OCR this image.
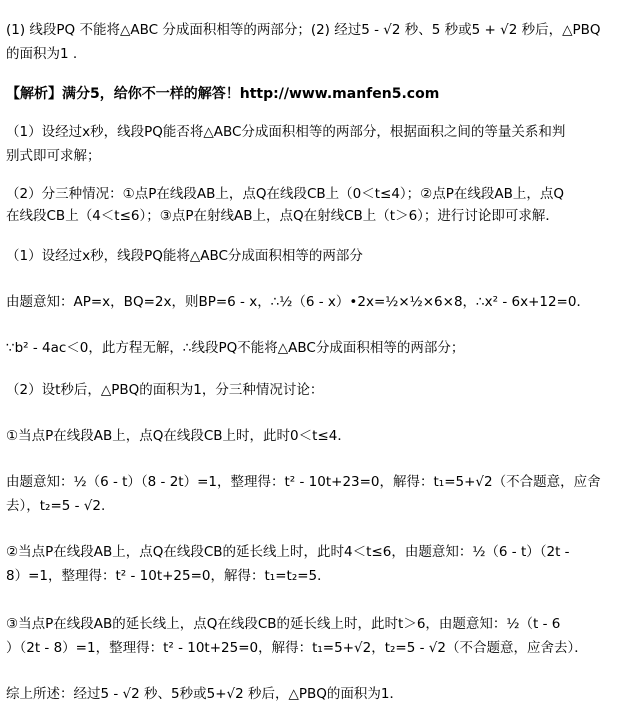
(1) 线段PQ 不能将△ABC 分成面积相等的两部分；(2) 经过5 - √2 秒、5 秒或5 + √2 秒后，△PBQ
的面积为1 .
【解析】满分5，给你不一样的解答！http://www.manfen5.com
（1）设经过x秒，线段PQ能否将△ABC分成面积相等的两部分，根据面积之间的等量关系和判
别式即可求解；
（2）分三种情况：①点P在线段AB上，点Q在线段CB上（0＜t≤4）；②点P在线段AB上，点Q
在线段CB上（4＜t≤6）；③点P在射线AB上，点Q在射线CB上（t＞6）；进行讨论即可求解．
（1）设经过x秒，线段PQ能将△ABC分成面积相等的两部分
由题意知：AP=x，BQ=2x，则BP=6 - x，∴½（6 - x）•2x=½×½×6×8，∴x² - 6x+12=0．
∵b² - 4ac＜0，此方程无解，∴线段PQ不能将△ABC分成面积相等的两部分；
（2）设t秒后，△PBQ的面积为1，分三种情况讨论：
①当点P在线段AB上，点Q在线段CB上时，此时0＜t≤4．
由题意知：½（6 - t）（8 - 2t）=1，整理得：t² - 10t+23=0，解得：t₁=5+√2（不合题意，应舍
去），t₂=5 - √2.
②当点P在线段AB上，点Q在线段CB的延长线上时，此时4＜t≤6，由题意知：½（6 - t）（2t -
8）=1，整理得：t² - 10t+25=0，解得：t₁=t₂=5．
③当点P在线段AB的延长线上，点Q在线段CB的延长线上时，此时t＞6，由题意知：½（t - 6
）（2t - 8）=1，整理得：t² - 10t+25=0，解得：t₁=5+√2，t₂=5 - √2（不合题意，应舍去）．
综上所述：经过5 - √2 秒、5秒或5+√2 秒后，△PBQ的面积为1．
